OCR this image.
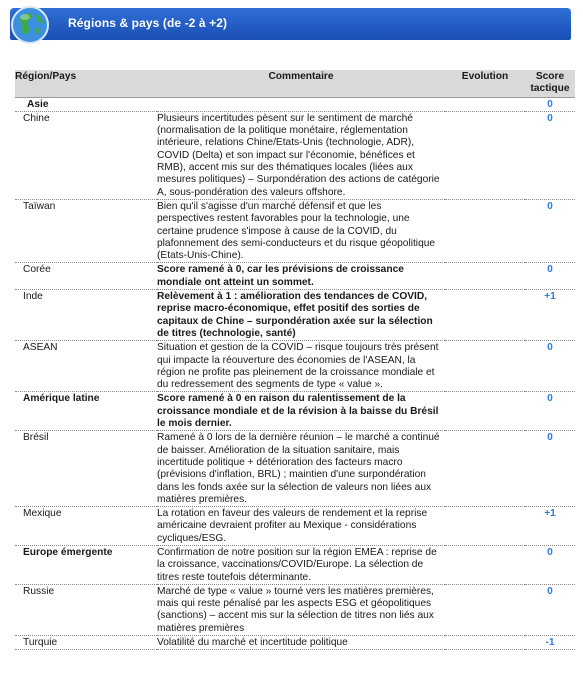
Régions & pays (de -2 à +2)
Région/Pays	Commentaire	Evolution	Score tactique
Asie			0
Chine	Plusieurs incertitudes pèsent sur le sentiment de marché (normalisation de la politique monétaire, réglementation intérieure, relations Chine/Etats-Unis (technologie, ADR), COVID (Delta) et son impact sur l'économie, bénéfices et RMB), accent mis sur des thématiques locales (liées aux mesures politiques) – Surpondération des actions de catégorie A, sous-pondération des valeurs offshore.		0
Taïwan	Bien qu'il s'agisse d'un marché défensif et que les perspectives restent favorables pour la technologie, une certaine prudence s'impose à cause de la COVID, du plafonnement des semi-conducteurs et du risque géopolitique (Etats-Unis-Chine).		0
Corée	Score ramené à 0, car les prévisions de croissance mondiale ont atteint un sommet.		0
Inde	Relèvement à 1 : amélioration des tendances de COVID, reprise macro-économique, effet positif des sorties de capitaux de Chine – surpondération axée sur la sélection de titres (technologie, santé)		+1
ASEAN	Situation et gestion de la COVID – risque toujours très présent qui impacte la réouverture des économies de l'ASEAN, la région ne profite pas pleinement de la croissance mondiale et du redressement des segments de type « value ».		0
Amérique latine	Score ramené à 0 en raison du ralentissement de la croissance mondiale et de la révision à la baisse du Brésil le mois dernier.		0
Brésil	Ramené à 0 lors de la dernière réunion – le marché a continué de baisser. Amélioration de la situation sanitaire, mais incertitude politique + détérioration des facteurs macro (prévisions d'inflation, BRL) ; maintien d'une surpondération dans les fonds axée sur la sélection de valeurs non liées aux matières premières.		0
Mexique	La rotation en faveur des valeurs de rendement et la reprise américaine devraient profiter au Mexique - considérations cycliques/ESG.		+1
Europe émergente	Confirmation de notre position sur la région EMEA : reprise de la croissance, vaccinations/COVID/Europe. La sélection de titres reste toutefois déterminante.		0
Russie	Marché de type « value » tourné vers les matières premières, mais qui reste pénalisé par les aspects ESG et géopolitiques (sanctions) – accent mis sur la sélection de titres non liés aux matières premières		0
Turquie	Volatilité du marché et incertitude politique		-1
